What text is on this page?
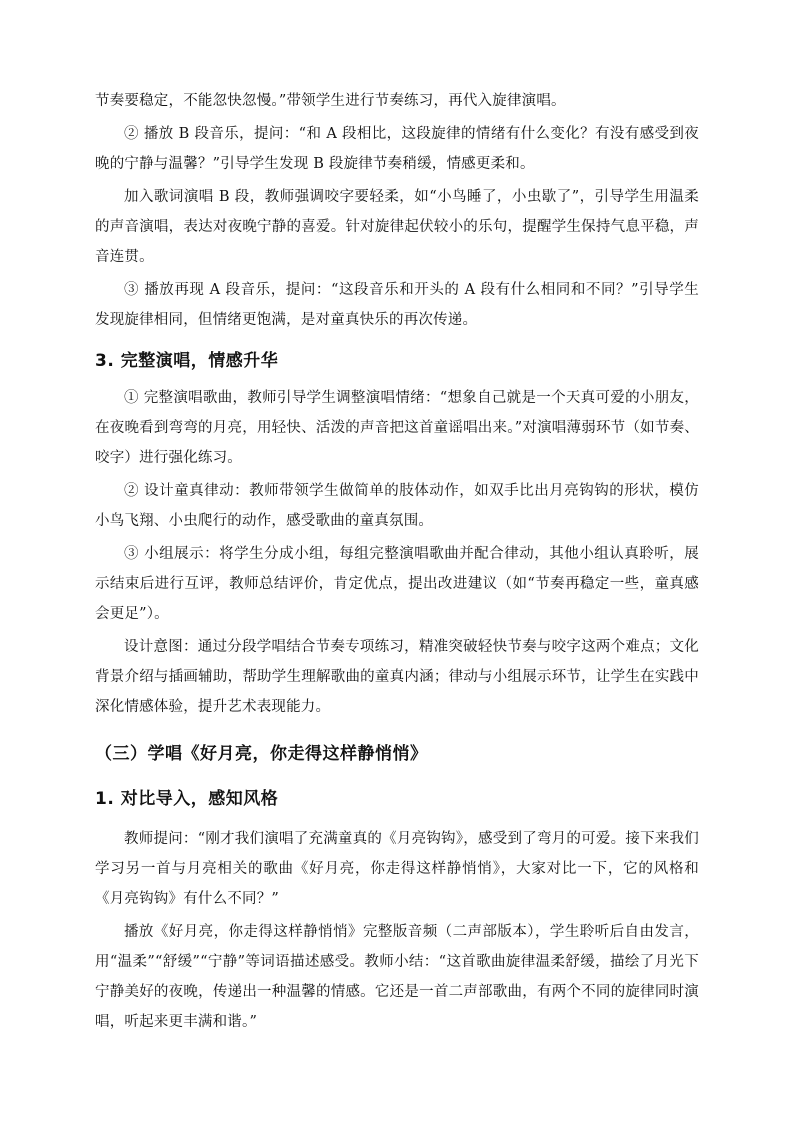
节奏要稳定，不能忽快忽慢。”带领学生进行节奏练习，再代入旋律演唱。

② 播放 B 段音乐，提问：“和 A 段相比，这段旋律的情绪有什么变化？有没有感受到夜晚的宁静与温馨？”引导学生发现 B 段旋律节奏稍缓，情感更柔和。

加入歌词演唱 B 段，教师强调咬字要轻柔，如“小鸟睡了，小虫歇了”，引导学生用温柔的声音演唱，表达对夜晚宁静的喜爱。针对旋律起伏较小的乐句，提醒学生保持气息平稳，声音连贯。

③ 播放再现 A 段音乐，提问：“这段音乐和开头的 A 段有什么相同和不同？”引导学生发现旋律相同，但情绪更饱满，是对童真快乐的再次传递。

3. 完整演唱，情感升华

① 完整演唱歌曲，教师引导学生调整演唱情绪：“想象自己就是一个天真可爱的小朋友，在夜晚看到弯弯的月亮，用轻快、活泼的声音把这首童谣唱出来。”对演唱薄弱环节（如节奏、咬字）进行强化练习。

② 设计童真律动：教师带领学生做简单的肢体动作，如双手比出月亮钩钩的形状，模仿小鸟飞翔、小虫爬行的动作，感受歌曲的童真氛围。

③ 小组展示：将学生分成小组，每组完整演唱歌曲并配合律动，其他小组认真聆听，展示结束后进行互评，教师总结评价，肯定优点，提出改进建议（如“节奏再稳定一些，童真感会更足”）。

设计意图：通过分段学唱结合节奏专项练习，精准突破轻快节奏与咬字这两个难点；文化背景介绍与插画辅助，帮助学生理解歌曲的童真内涵；律动与小组展示环节，让学生在实践中深化情感体验，提升艺术表现能力。

（三）学唱《好月亮，你走得这样静悄悄》
1. 对比导入，感知风格

教师提问：“刚才我们演唱了充满童真的《月亮钩钩》，感受到了弯月的可爱。接下来我们学习另一首与月亮相关的歌曲《好月亮，你走得这样静悄悄》，大家对比一下，它的风格和《月亮钩钩》有什么不同？”

播放《好月亮，你走得这样静悄悄》完整版音频（二声部版本），学生聆听后自由发言，用“温柔”“舒缓”“宁静”等词语描述感受。教师小结：“这首歌曲旋律温柔舒缓，描绘了月光下宁静美好的夜晚，传递出一种温馨的情感。它还是一首二声部歌曲，有两个不同的旋律同时演唱，听起来更丰满和谐。”
